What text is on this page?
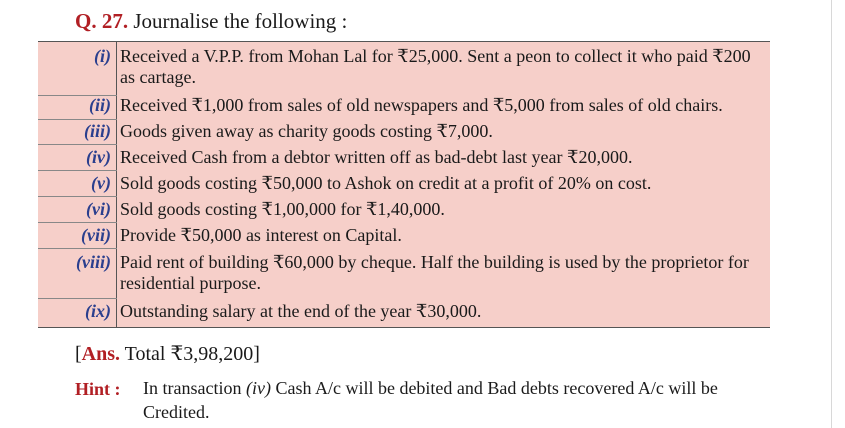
Q. 27. Journalise the following :
(i) Received a V.P.P. from Mohan Lal for ₹25,000. Sent a peon to collect it who paid ₹200 as cartage.
(ii) Received ₹1,000 from sales of old newspapers and ₹5,000 from sales of old chairs.
(iii) Goods given away as charity goods costing ₹7,000.
(iv) Received Cash from a debtor written off as bad-debt last year ₹20,000.
(v) Sold goods costing ₹50,000 to Ashok on credit at a profit of 20% on cost.
(vi) Sold goods costing ₹1,00,000 for ₹1,40,000.
(vii) Provide ₹50,000 as interest on Capital.
(viii) Paid rent of building ₹60,000 by cheque. Half the building is used by the proprietor for residential purpose.
(ix) Outstanding salary at the end of the year ₹30,000.
[Ans. Total ₹3,98,200]
Hint : In transaction (iv) Cash A/c will be debited and Bad debts recovered A/c will be Credited.
